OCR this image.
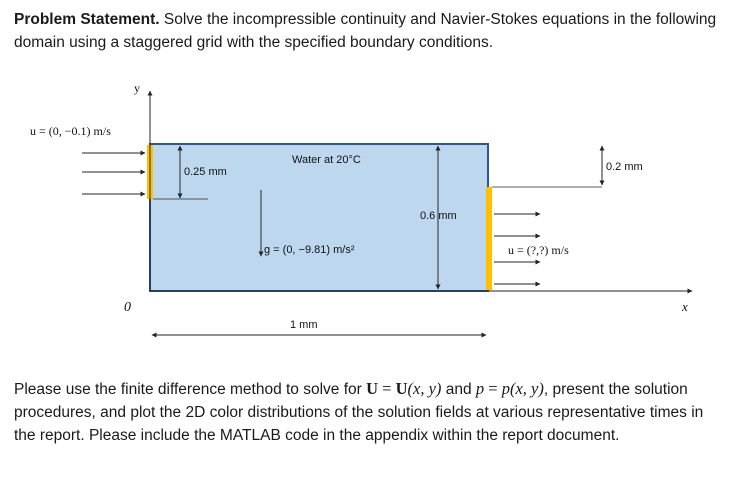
Problem Statement. Solve the incompressible continuity and Navier-Stokes equations in the following domain using a staggered grid with the specified boundary conditions.

y
0	x
u = (0, −0.1) m/s
0.25 mm
Water at 20°C
g = (0, −9.81) m/s²
0.6 mm
0.2 mm
u = (?,?) m/s
1 mm

Please use the finite difference method to solve for U = U(x, y) and p = p(x, y), present the solution procedures, and plot the 2D color distributions of the solution fields at various representative times in the report. Please include the MATLAB code in the appendix within the report document.
